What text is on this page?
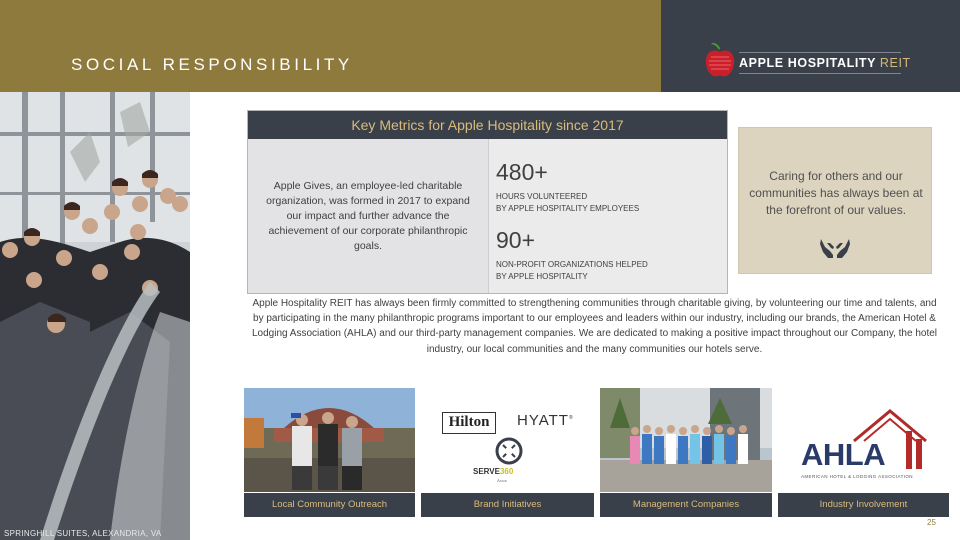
SOCIAL RESPONSIBILITY	APPLE HOSPITALITY REIT
SPRINGHILL SUITES, ALEXANDRIA, VA
Key Metrics for Apple Hospitality since 2017
Apple Gives, an employee-led charitable organization, was formed in 2017 to expand our impact and further advance the achievement of our corporate philanthropic goals.
480+
HOURS VOLUNTEERED
BY APPLE HOSPITALITY EMPLOYEES
90+
NON-PROFIT ORGANIZATIONS HELPED
BY APPLE HOSPITALITY
Caring for others and our communities has always been at the forefront of our values.
Apple Hospitality REIT has always been firmly committed to strengthening communities through charitable giving, by volunteering our time and talents, and by participating in the many philanthropic programs important to our employees and leaders within our industry, including our brands, the American Hotel & Lodging Association (AHLA) and our third-party management companies. We are dedicated to making a positive impact throughout our Company, the hotel industry, our local communities and the many communities our hotels serve.
Local Community Outreach
Hilton	HYATT®
SERVE360
Accor
Brand Initiatives	Management Companies
AHLA
AMERICAN HOTEL & LODGING ASSOCIATION
Industry Involvement
25
